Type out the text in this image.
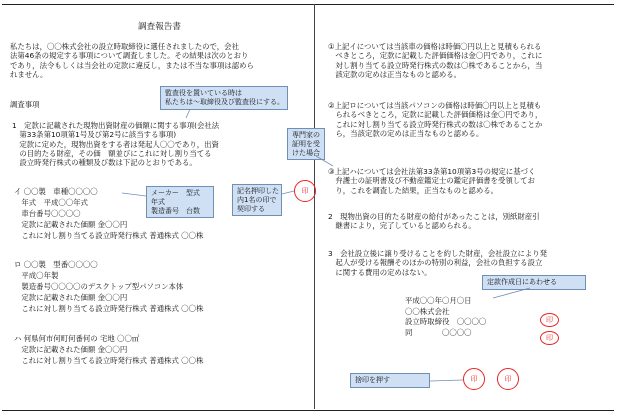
調査報告書
私たちは，〇〇株式会社の設立時取締役に選任されましたので，会社
法第46条の規定する事項について調査しました。その結果は次のとおり
であり，法令もしくは当会社の定款に違反し，または不当な事項は認めら
れません。
調査事項
1　定款に記載された現物出資財産の価額に関する事項(会社法
　第33条第10項第1号及び第2号に該当する事項)
　定款に定めた，現物出資をする者は発起人〇〇であり，出資
　の目的たる財産，その価　額並びにこれに対し割り当てる
　設立時発行株式の種類及び数は下記のとおりである。
イ 〇〇製　車種〇〇〇〇
　年式　平成〇〇年式
　車台番号〇〇〇〇
　定款に記載された価額 金〇〇円
　これに対し割り当てる設立時発行株式 普通株式 〇〇株
ロ 〇〇製　型番〇〇〇〇
　平成〇年製
　製造番号〇〇〇〇のデスクトップ型パソコン本体
　定款に記載された価額 金〇〇円
　これに対し割り当てる設立時発行株式 普通株式 〇〇株
ハ 何県何市何町何番何の 宅地 〇〇㎡
　定款に記載された価額 金〇〇円
　これに対し割り当てる設立時発行株式 普通株式 〇〇株
監査役を置いている時は
私たちは〜取締役及び監査役にする。
メーカー　型式
年式
製造番号　台数
記名押印した
内1名の印で
契印する
専門家の
証明を受
けた場合
印
①上記イについては当該車の価格は時価〇円以上と見積もられる
　べきところ，定款に記載した評価価格は金〇円であり，これに
　対し割り当てる設立時発行株式の数は〇株であることから，当
　該定款の定めは正当なものと認める。
②上記ロについては当該パソコンの価格は時価〇円以上と見積も
　られるべきところ，定款に記載した評価価格は金〇円であり，
　これに対し割り当てる設立時発行株式の数は〇株であることか
　ら，当該定款の定めは正当なものと認める。
③上記ハについては会社法第33条第10項第3号の規定に基づく
　弁護士の証明書及び不動産鑑定士の鑑定評価書を受領してお
　り，これを調査した結果，正当なものと認める。
2　現物出資の目的たる財産の給付があったことは，別紙財産引
　継書により，完了していると認められる。
3　会社設立後に譲り受けることを約した財産，会社設立により発
　起人が受ける報酬そのほかの特別の利益，会社の負担する設立
　に関する費用の定めはない。
平成〇〇年〇月〇日
〇〇株式会社
設立時取締役　〇〇〇〇
同　　　　〇〇〇〇
定款作成日にあわせる
捨印を押す
印
印
印	印
